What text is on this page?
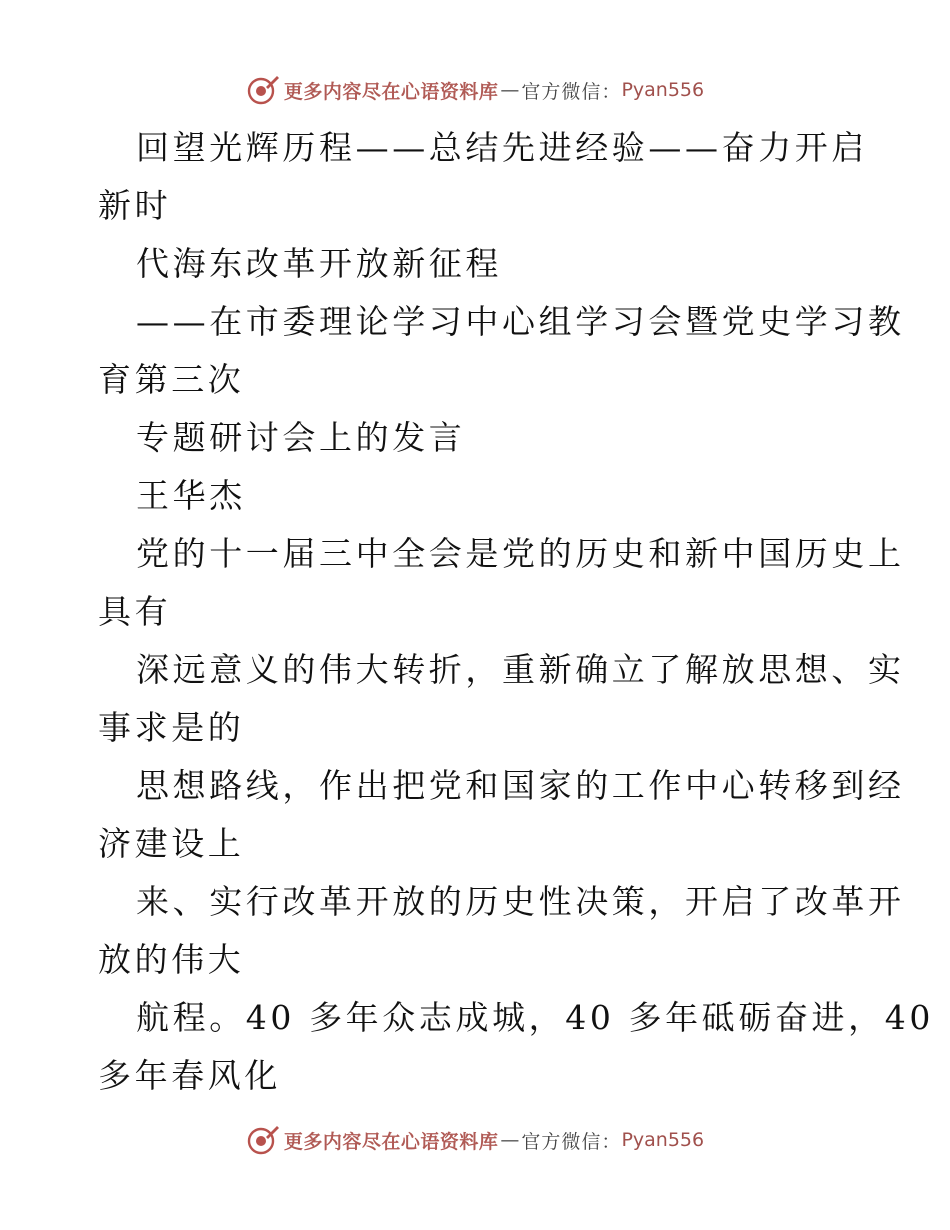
更多内容尽在心语资料库 — 官方微信： Pyan556
回望光辉历程——总结先进经验——奋力开启
新时
代海东改革开放新征程
——在市委理论学习中心组学习会暨党史学习教
育第三次
专题研讨会上的发言
王华杰
党的十一届三中全会是党的历史和新中国历史上
具有
深远意义的伟大转折，重新确立了解放思想、实
事求是的
思想路线，作出把党和国家的工作中心转移到经
济建设上
来、实行改革开放的历史性决策，开启了改革开
放的伟大
航程。40 多年众志成城，40 多年砥砺奋进，40
多年春风化
更多内容尽在心语资料库 — 官方微信： Pyan556
